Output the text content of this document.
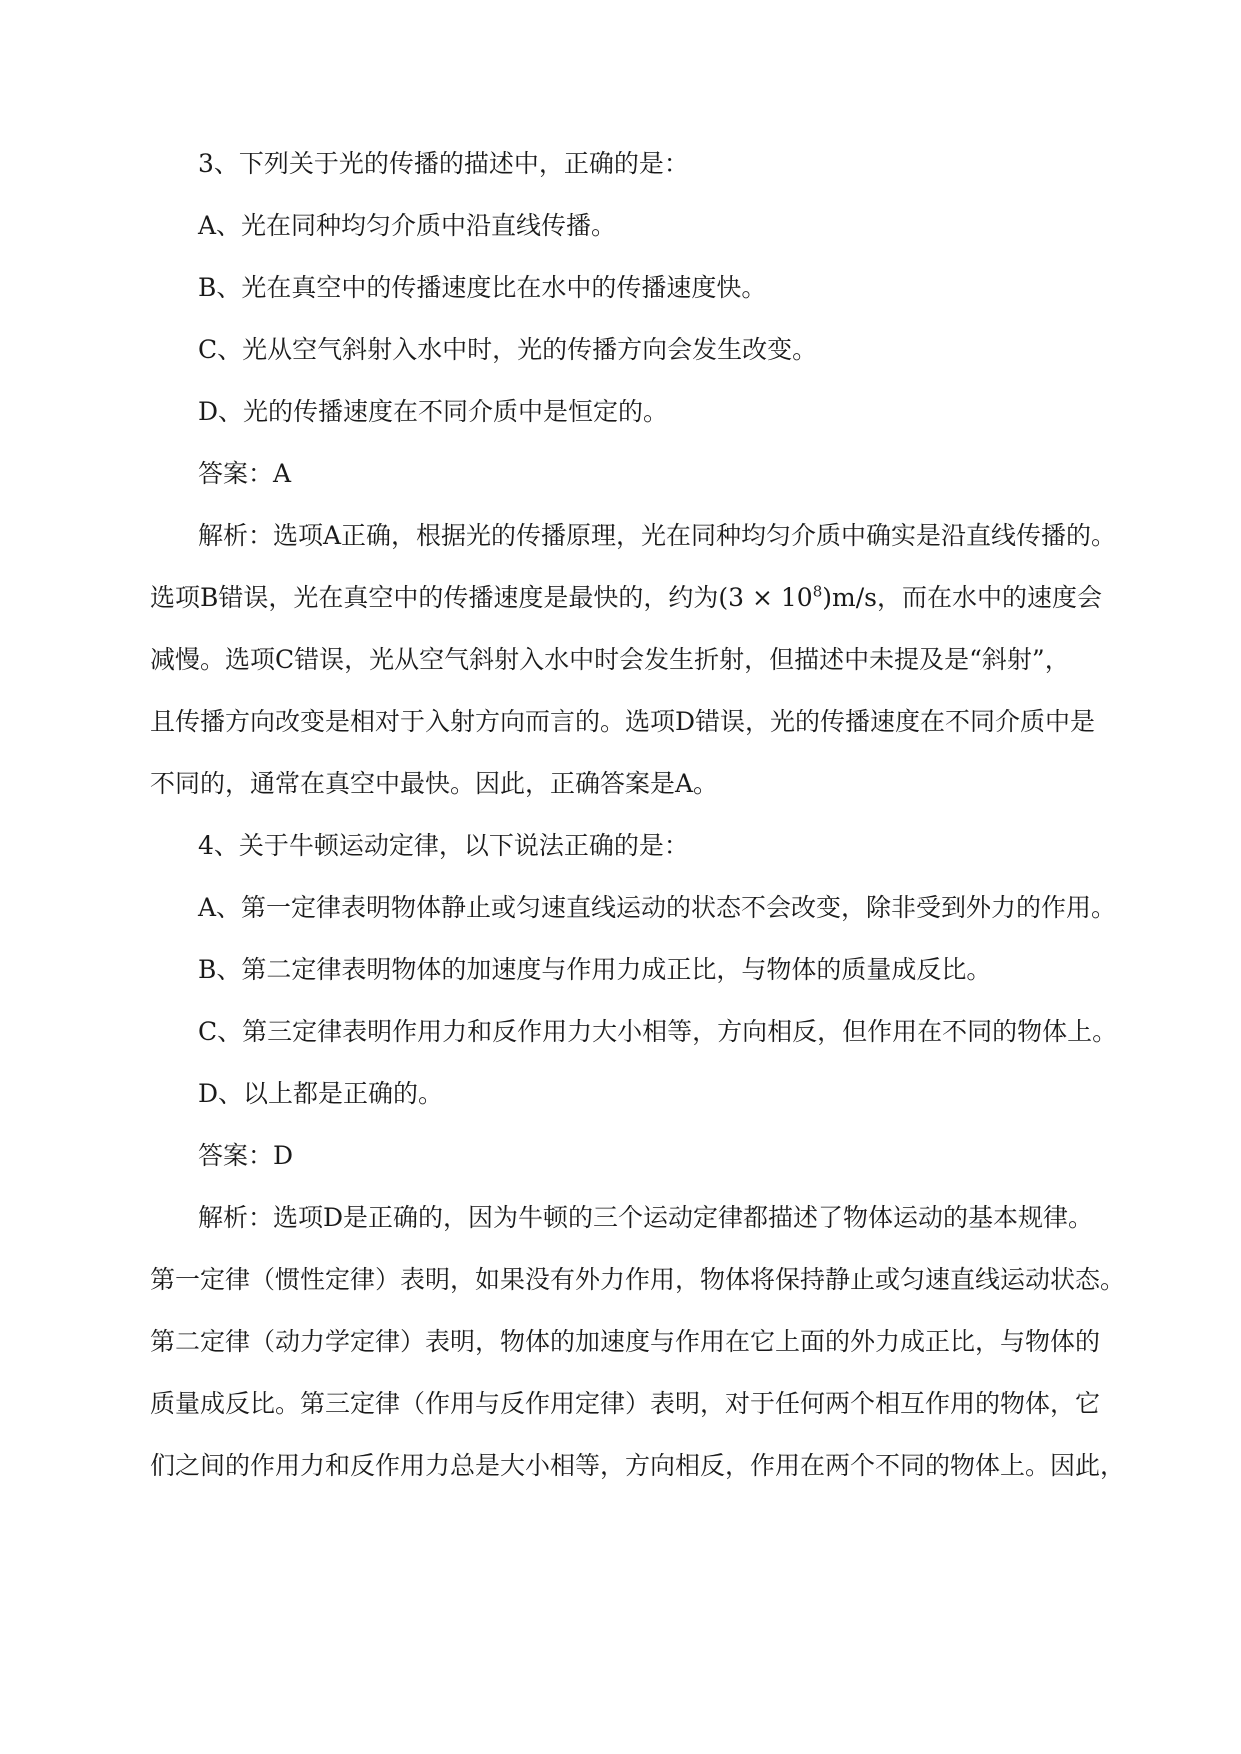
3、下列关于光的传播的描述中，正确的是：
A、光在同种均匀介质中沿直线传播。
B、光在真空中的传播速度比在水中的传播速度快。
C、光从空气斜射入水中时，光的传播方向会发生改变。
D、光的传播速度在不同介质中是恒定的。
答案：A
解析：选项A正确，根据光的传播原理，光在同种均匀介质中确实是沿直线传播的。
选项B错误，光在真空中的传播速度是最快的，约为$(3 \times 10^8)m/s$，而在水中的速度会
减慢。选项C错误，光从空气斜射入水中时会发生折射，但描述中未提及是“斜射”，
且传播方向改变是相对于入射方向而言的。选项D错误，光的传播速度在不同介质中是
不同的，通常在真空中最快。因此，正确答案是A。
4、关于牛顿运动定律，以下说法正确的是：
A、第一定律表明物体静止或匀速直线运动的状态不会改变，除非受到外力的作用。
B、第二定律表明物体的加速度与作用力成正比，与物体的质量成反比。
C、第三定律表明作用力和反作用力大小相等，方向相反，但作用在不同的物体上。
D、以上都是正确的。
答案：D
解析：选项D是正确的，因为牛顿的三个运动定律都描述了物体运动的基本规律。
第一定律（惯性定律）表明，如果没有外力作用，物体将保持静止或匀速直线运动状态。
第二定律（动力学定律）表明，物体的加速度与作用在它上面的外力成正比，与物体的
质量成反比。第三定律（作用与反作用定律）表明，对于任何两个相互作用的物体，它
们之间的作用力和反作用力总是大小相等，方向相反，作用在两个不同的物体上。因此，
